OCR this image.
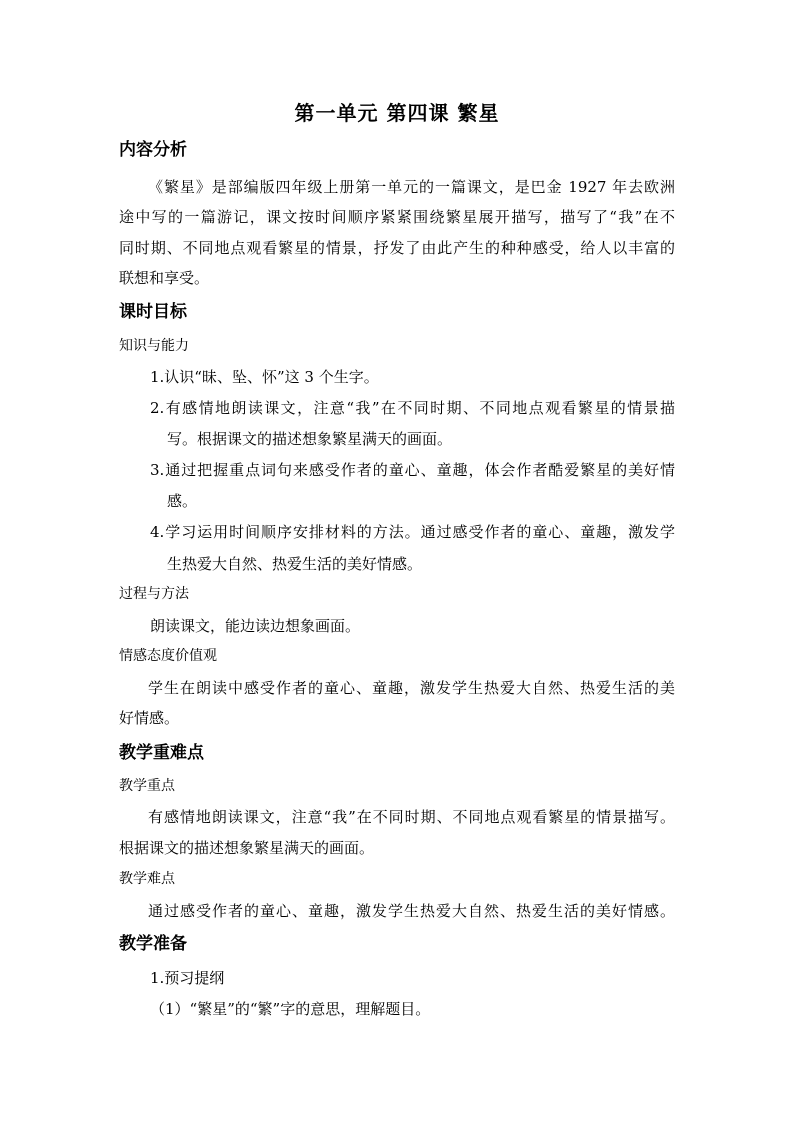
第一单元 第四课 繁星
内容分析
《繁星》是部编版四年级上册第一单元的一篇课文，是巴金 1927 年去欧洲
途中写的一篇游记，课文按时间顺序紧紧围绕繁星展开描写，描写了“我”在不
同时期、不同地点观看繁星的情景，抒发了由此产生的种种感受，给人以丰富的
联想和享受。
课时目标
知识与能力
1.认识“昧、坠、怀”这 3 个生字。
2.有感情地朗读课文，注意“我”在不同时期、不同地点观看繁星的情景描
写。根据课文的描述想象繁星满天的画面。
3.通过把握重点词句来感受作者的童心、童趣，体会作者酷爱繁星的美好情
感。
4.学习运用时间顺序安排材料的方法。通过感受作者的童心、童趣，激发学
生热爱大自然、热爱生活的美好情感。
过程与方法
朗读课文，能边读边想象画面。
情感态度价值观
学生在朗读中感受作者的童心、童趣，激发学生热爱大自然、热爱生活的美
好情感。
教学重难点
教学重点
有感情地朗读课文，注意“我”在不同时期、不同地点观看繁星的情景描写。
根据课文的描述想象繁星满天的画面。
教学难点
通过感受作者的童心、童趣，激发学生热爱大自然、热爱生活的美好情感。
教学准备
1.预习提纲
（1）“繁星”的“繁”字的意思，理解题目。
